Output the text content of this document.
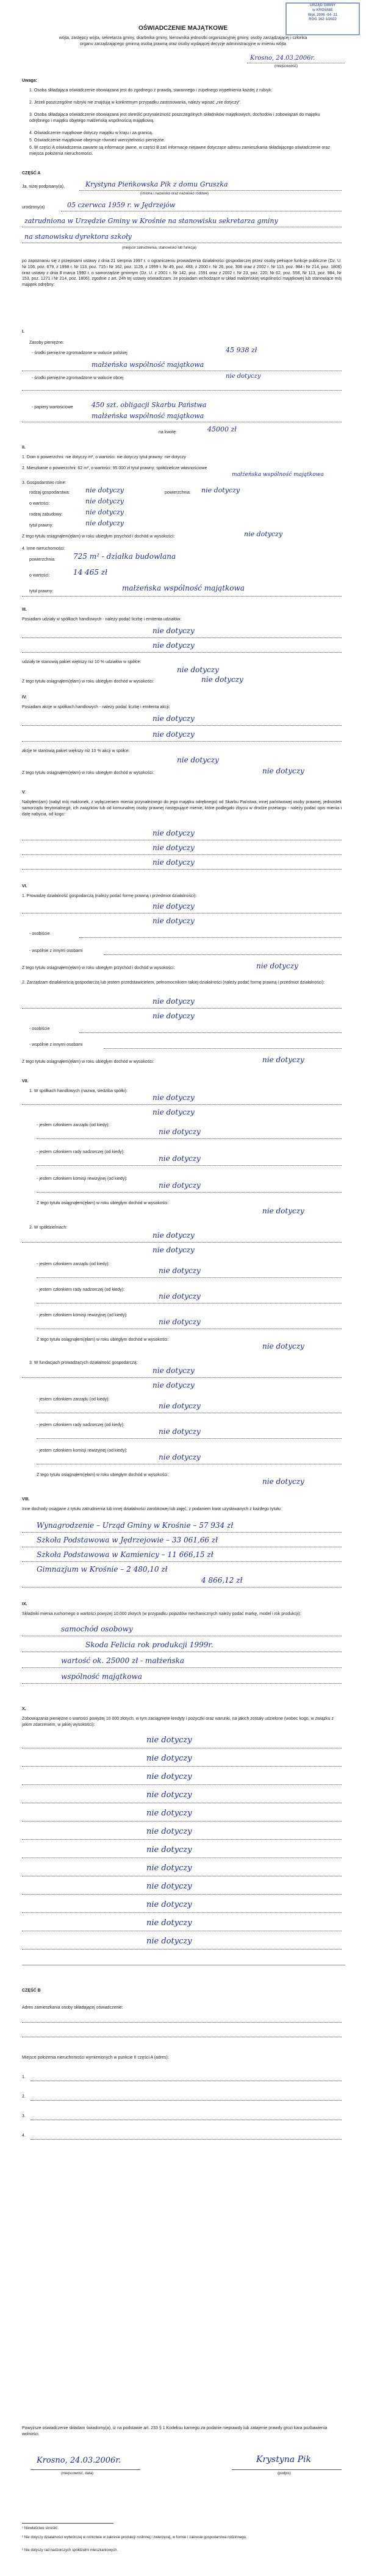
URZĄD GMINY
w KROSNIE
Wpł. 2006 -04- 21
ROG 162-1/2022
OŚWIADCZENIE MAJĄTKOWE
wójta, zastępcy wójta, sekretarza gminy, skarbnika gminy, kierownika jednostki organizacyjnej gminy, osoby zarządzającej i członka organu zarządzającego gminną osobą prawną oraz osoby wydającej decyzje administracyjne w imieniu wójta
Krosno, 24.03.2006r.
(miejscowość)
Uwaga:
1. Osoba składająca oświadczenie obowiązana jest do zgodnego z prawdą, starannego i zupełnego wypełnienia każdej z rubryk.
2. Jeżeli poszczególne rubryki nie znajdują w konkretnym przypadku zastosowania, należy wpisać „nie dotyczy".
3. Osoba składająca oświadczenie obowiązana jest określić przynależność poszczególnych składników majątkowych, dochodów i zobowiązań do majątku odrębnego i majątku objętego małżeńską wspólnością majątkową.
4. Oświadczenie majątkowe dotyczy majątku w kraju i za granicą.
5. Oświadczenie majątkowe obejmuje również wierzytelności pieniężne.
6. W części A oświadczenia zawarte są informacje jawne, w części B zaś informacje niejawne dotyczące adresu zamieszkania składającego oświadczenie oraz miejsca położenia nieruchomości.
CZĘŚĆ A
Ja, niżej podpisany(a),	Krystyna Pieńkowska Pik z domu Gruszka
(imiona i nazwisko oraz nazwisko rodowe)
urodzony(a)	05 czerwca 1959 r. w Jędrzejów
zatrudniona w Urzędzie Gminy w Krośnie na stanowisku sekretarza gminy
na stanowisku dyrektora szkoły
(miejsce zatrudnienia, stanowisko lub funkcja)
po zapoznaniu się z przepisami ustawy z dnia 21 sierpnia 1997 r. o ograniczeniu prowadzenia działalności gospodarczej przez osoby pełniące funkcje publiczne (Dz. U. Nr 106, poz. 679, z 1998 r. Nr 113, poz. 715 i Nr 162, poz. 1126, z 1999 r. Nr 49, poz. 483, z 2000 r. Nr 26, poz. 306 oraz z 2002 r. Nr 113, poz. 984 i Nr 214, poz. 1806) oraz ustawy z dnia 8 marca 1990 r. o samorządzie gminnym (Dz. U. z 2001 r. Nr 142, poz. 1591 oraz z 2002 r. Nr 23, poz. 220, Nr 62, poz. 558, Nr 113, poz. 984, Nr 153, poz. 1271 i Nr 214, poz. 1806), zgodnie z art. 24h tej ustawy oświadczam, że posiadam wchodzące w skład małżeńskiej wspólności majątkowej lub stanowiące mój majątek odrębny:
I.
Zasoby pieniężne:
- środki pieniężne zgromadzone w walucie polskiej	45 938 zł
małżeńska wspólność majątkowa
- środki pieniężne zgromadzone w walucie obcej	nie dotyczy
- papiery wartościowe	450 szt. obligacji Skarbu Państwa
małżeńska wspólność majątkowa
na kwotę:	45000 zł
II.
1. Dom o powierzchni: nie dotyczy m², o wartości: nie dotyczy tytuł prawny: nie dotyczy
2. Mieszkanie o powierzchni: 62 m², o wartości: 95 000 zł tytuł prawny: spółdzielcze własnościowe
małżeńska wspólność majątkowa
3. Gospodarstwo rolne:
rodzaj gospodarstwa: nie dotyczy	powierzchnia: nie dotyczy
o wartości:	nie dotyczy
rodzaj zabudowy:	nie dotyczy
tytuł prawny:	nie dotyczy
Z tego tytułu osiągnąłem(ęłam) w roku ubiegłym przychód i dochód w wysokości:	nie dotyczy
4. Inne nieruchomości:
powierzchnia: 725 m² - działka budowlana
o wartości:	14 465 zł
tytuł prawny:	małżeńska wspólność majątkowa
III.
Posiadam udziały w spółkach handlowych - należy podać liczbę i emitenta udziałów:
nie dotyczy
nie dotyczy
udziały te stanowią pakiet większy niż 10 % udziałów w spółce:
nie dotyczy
Z tego tytułu osiągnąłem(ęłam) w roku ubiegłym dochód w wysokości:	nie dotyczy
IV.
Posiadam akcje w spółkach handlowych - należy podać liczbę i emitenta akcji:
nie dotyczy
nie dotyczy
akcje te stanowią pakiet większy niż 10 % akcji w spółce:
nie dotyczy
Z tego tytułu osiągnąłem(ęłam) w roku ubiegłym dochód w wysokości:	nie dotyczy
V.
Nabyłem(am) (nabył mój małżonek, z wyłączeniem mienia przynależnego do jego majątku odrębnego) od Skarbu Państwa, innej państwowej osoby prawnej, jednostek samorządu terytorialnego, ich związków lub od komunalnej osoby prawnej następujące mienie, które podlegało zbyciu w drodze przetargu - należy podać opis mienia i datę nabycia, od kogo:
nie dotyczy
nie dotyczy
nie dotyczy
VI.
1. Prowadzę działalność gospodarczą (należy podać formę prawną i przedmiot działalności):
nie dotyczy
nie dotyczy
- osobiście
- wspólnie z innymi osobami
Z tego tytułu osiągnąłem(ęłam) w roku ubiegłym przychód i dochód w wysokości:	nie dotyczy
2. Zarządzam działalnością gospodarczą lub jestem przedstawicielem, pełnomocnikiem takiej działalności (należy podać formę prawną i przedmiot działalności):
nie dotyczy
nie dotyczy
- osobiście
- wspólnie z innymi osobami
Z tego tytułu osiągnąłem(ęłam) w roku ubiegłym dochód w wysokości:	nie dotyczy
VII.
1. W spółkach handlowych (nazwa, siedziba spółki):
nie dotyczy
nie dotyczy
- jestem członkiem zarządu (od kiedy):
nie dotyczy
- jestem członkiem rady nadzorczej (od kiedy):
nie dotyczy
- jestem członkiem komisji rewizyjnej (od kiedy):
nie dotyczy
Z tego tytułu osiągnąłem(ęłam) w roku ubiegłym dochód w wysokości:
nie dotyczy
2. W spółdzielniach:
nie dotyczy
nie dotyczy
- jestem członkiem zarządu (od kiedy):
nie dotyczy
- jestem członkiem rady nadzorczej (od kiedy):
nie dotyczy
- jestem członkiem komisji rewizyjnej (od kiedy):
nie dotyczy
Z tego tytułu osiągnąłem(ęłam) w roku ubiegłym dochód w wysokości:
nie dotyczy
3. W fundacjach prowadzących działalność gospodarczą:
nie dotyczy
nie dotyczy
- jestem członkiem zarządu (od kiedy):
nie dotyczy
- jestem członkiem rady nadzorczej (od kiedy):
nie dotyczy
- jestem członkiem komisji rewizyjnej (od kiedy):
nie dotyczy
Z tego tytułu osiągnąłem(ęłam) w roku ubiegłym dochód w wysokości:
nie dotyczy
VIII.
Inne dochody osiągane z tytułu zatrudnienia lub innej działalności zarobkowej lub zajęć, z podaniem kwot uzyskiwanych z każdego tytułu:
Wynagrodzenie – Urząd Gminy w Krośnie – 57 934 zł
Szkoła Podstawowa w Jędrzejowie – 33 061,66 zł
Szkoła Podstawowa w Kamienicy – 11 666,15 zł
Gimnazjum w Krośnie – 2 480,10 zł
4 866,12 zł
IX.
Składniki mienia ruchomego o wartości powyżej 10.000 złotych (w przypadku pojazdów mechanicznych należy podać markę, model i rok produkcji):
samochód osobowy
Skoda Felicia rok produkcji 1999r.
wartość ok. 25000 zł - małżeńska
wspólność majątkowa
X.
Zobowiązania pieniężne o wartości powyżej 10 000 złotych, w tym zaciągnięte kredyty i pożyczki oraz warunki, na jakich zostały udzielone (wobec kogo, w związku z jakim zdarzeniem, w jakiej wysokości):
nie dotyczy
nie dotyczy
nie dotyczy
nie dotyczy
nie dotyczy
nie dotyczy
nie dotyczy
nie dotyczy
nie dotyczy
nie dotyczy
nie dotyczy
nie dotyczy
CZĘŚĆ B
Adres zamieszkania osoby składającej oświadczenie:
Miejsce położenia nieruchomości wymienionych w punkcie II części A (adres):
1.
2.
3.
4.
Powyższe oświadczenie składam świadomy(a), iż na podstawie art. 233 § 1 Kodeksu karnego za podanie nieprawdy lub zatajenie prawdy grozi kara pozbawienia wolności.
Krosno, 24.03.2006r.
(miejscowość, data)
Krystyna Pik
(podpis)
¹ Niewłaściwe skreślić.
² Nie dotyczy działalności wytwórczej w rolnictwie w zakresie produkcji roślinnej i zwierzęcej, w formie i zakresie gospodarstwa rodzinnego.
³ Nie dotyczy rad nadzorczych spółdzielni mieszkaniowych.
